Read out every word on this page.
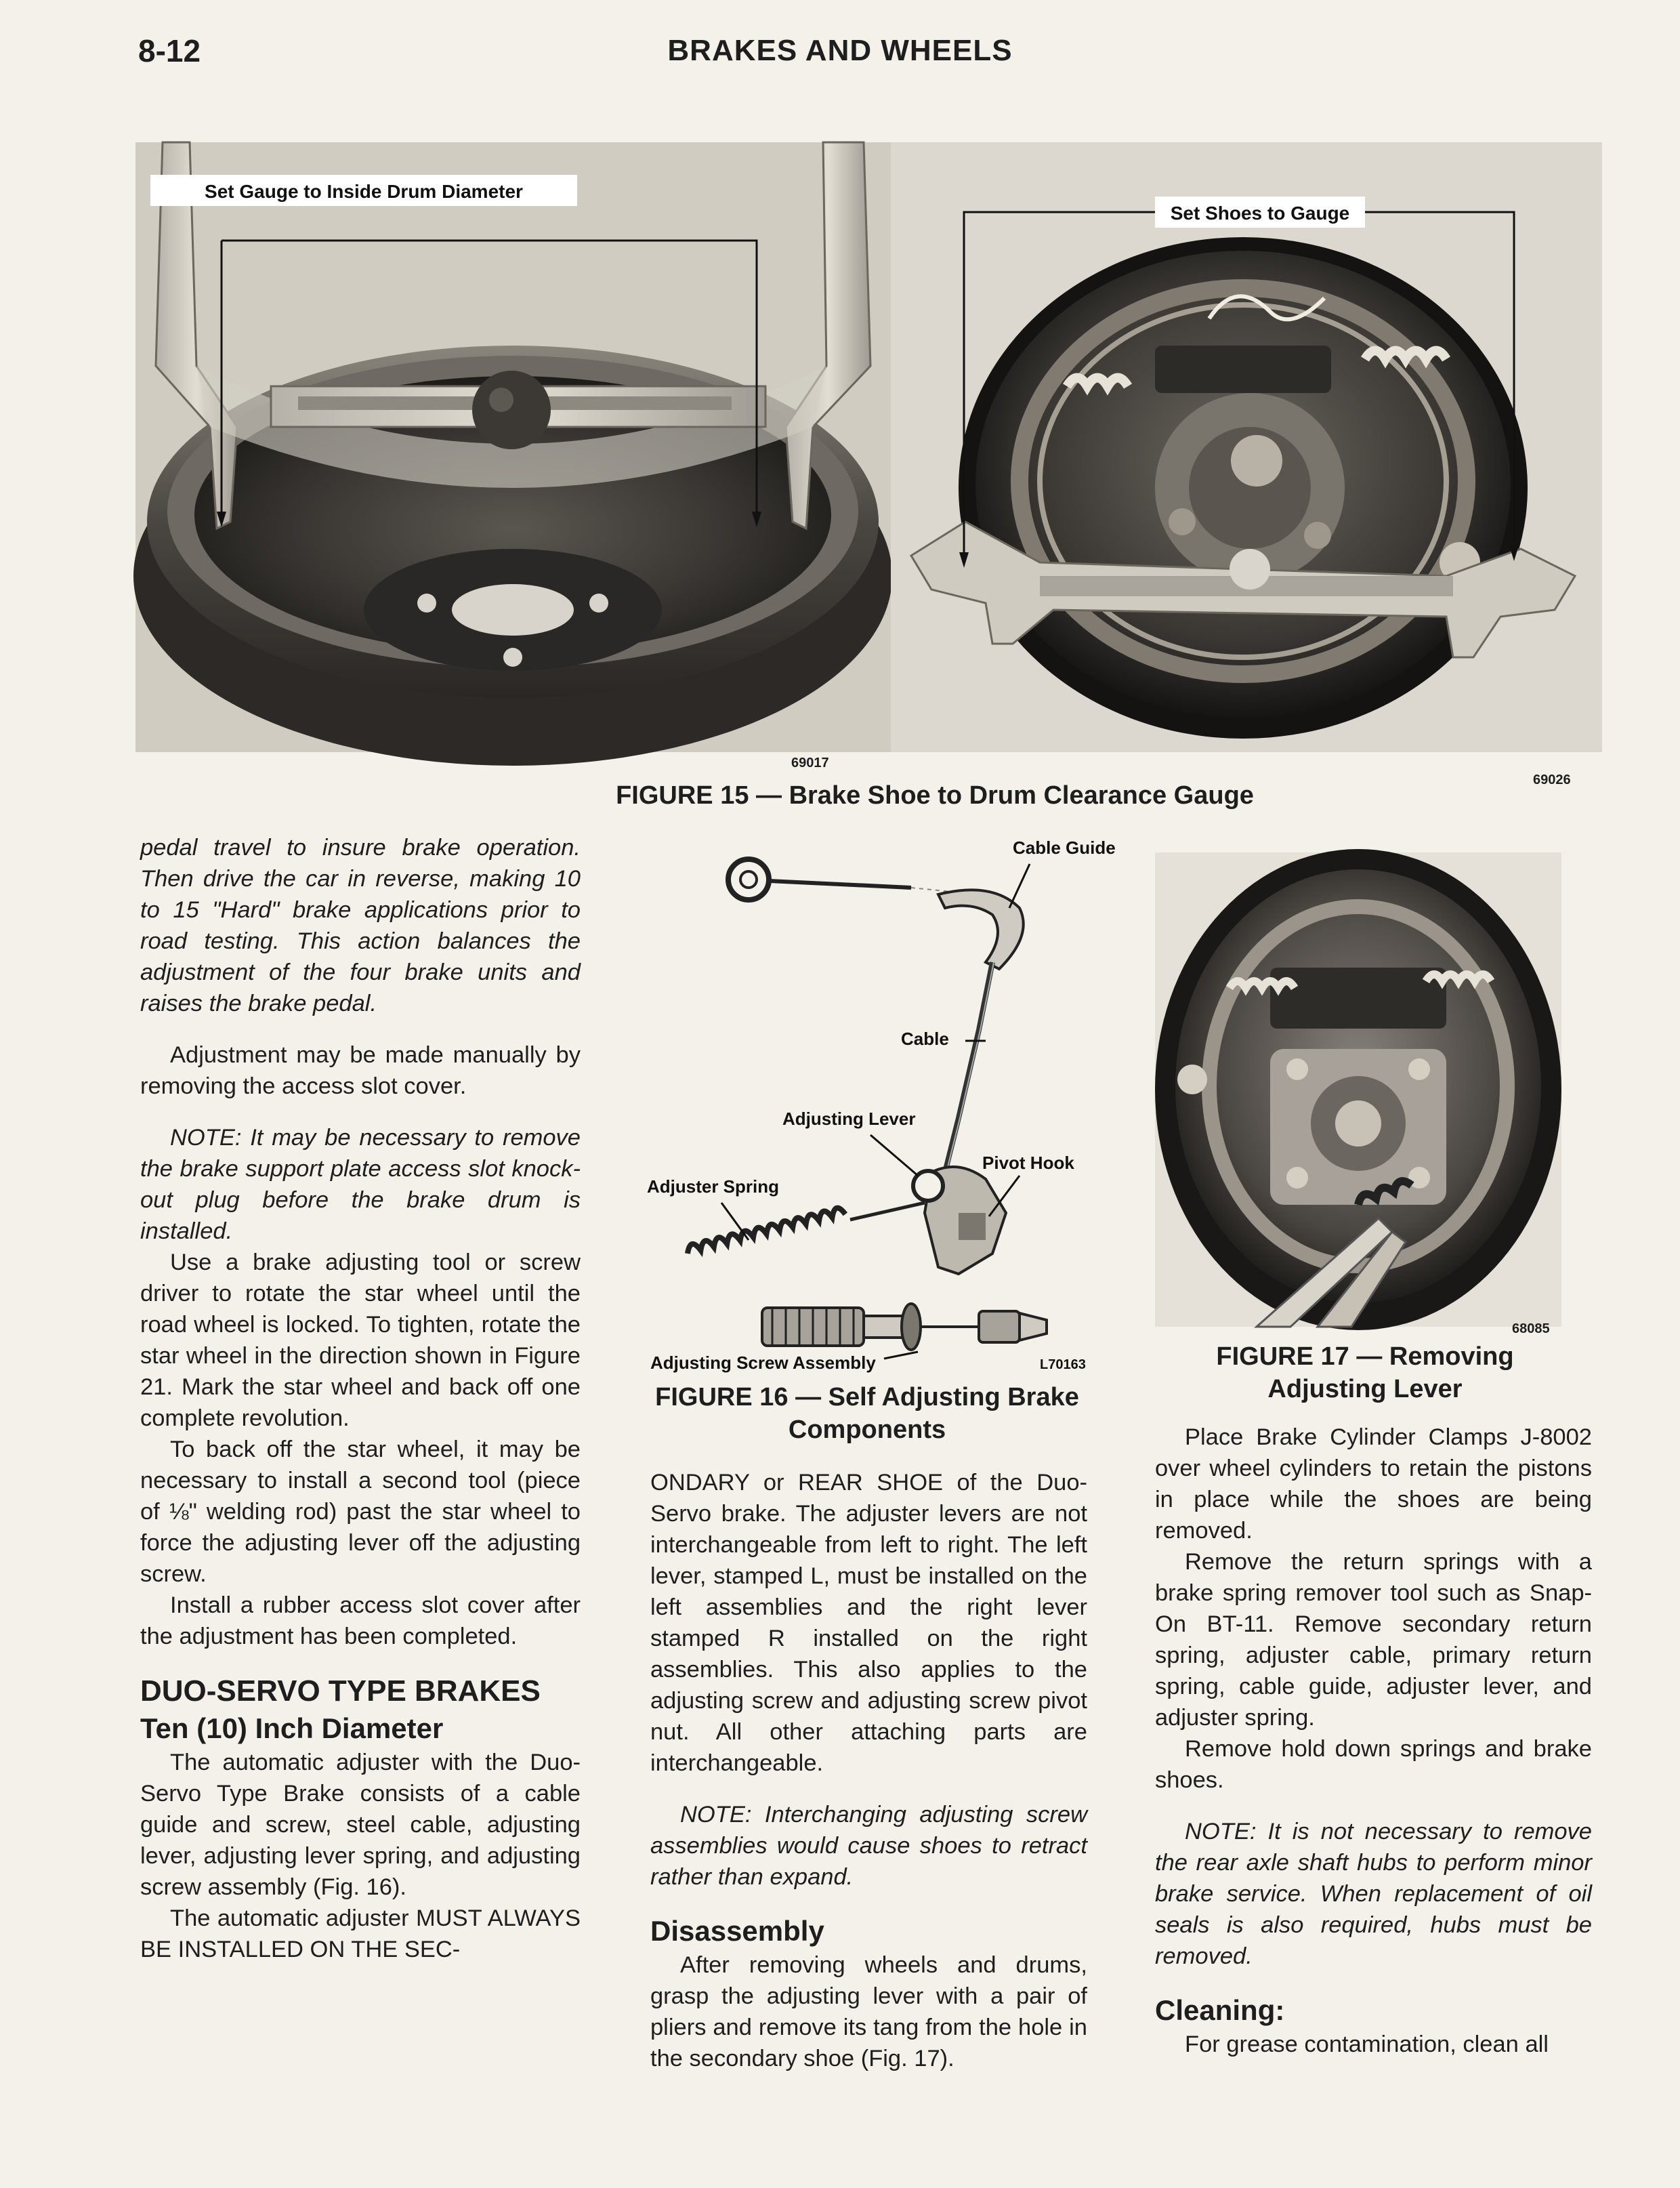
8-12	BRAKES AND WHEELS
Set Gauge to Inside Drum Diameter
Set Shoes to Gauge
69017
69026
FIGURE 15 — Brake Shoe to Drum Clearance Gauge
Cable Guide
Cable
Adjusting Lever
Pivot Hook
Adjuster Spring
Adjusting Screw Assembly	L70163
FIGURE 16 — Self Adjusting Brake Components
68085
FIGURE 17 — Removing Adjusting Lever

pedal travel to insure brake operation. Then drive the car in reverse, making 10 to 15 "Hard" brake applications prior to road testing. This action balances the adjustment of the four brake units and raises the brake pedal.

Adjustment may be made manually by removing the access slot cover.

NOTE: It may be necessary to remove the brake support plate access slot knock-out plug before the brake drum is installed.

Use a brake adjusting tool or screw driver to rotate the star wheel until the road wheel is locked. To tighten, rotate the star wheel in the direction shown in Figure 21. Mark the star wheel and back off one complete revolution.

To back off the star wheel, it may be necessary to install a second tool (piece of ⅛" welding rod) past the star wheel to force the adjusting lever off the adjusting screw.

Install a rubber access slot cover after the adjustment has been completed.

DUO-SERVO TYPE BRAKES
Ten (10) Inch Diameter

The automatic adjuster with the Duo-Servo Type Brake consists of a cable guide and screw, steel cable, adjusting lever, adjusting lever spring, and adjusting screw assembly (Fig. 16).

The automatic adjuster MUST ALWAYS BE INSTALLED ON THE SEC-

ONDARY or REAR SHOE of the Duo-Servo brake. The adjuster levers are not interchangeable from left to right. The left lever, stamped L, must be installed on the left assemblies and the right lever stamped R installed on the right assemblies. This also applies to the adjusting screw and adjusting screw pivot nut. All other attaching parts are interchangeable.

NOTE: Interchanging adjusting screw assemblies would cause shoes to retract rather than expand.

Disassembly

After removing wheels and drums, grasp the adjusting lever with a pair of pliers and remove its tang from the hole in the secondary shoe (Fig. 17).

Place Brake Cylinder Clamps J-8002 over wheel cylinders to retain the pistons in place while the shoes are being removed.

Remove the return springs with a brake spring remover tool such as Snap-On BT-11. Remove secondary return spring, adjuster cable, primary return spring, cable guide, adjuster lever, and adjuster spring.

Remove hold down springs and brake shoes.

NOTE: It is not necessary to remove the rear axle shaft hubs to perform minor brake service. When replacement of oil seals is also required, hubs must be removed.

Cleaning:

For grease contamination, clean all
